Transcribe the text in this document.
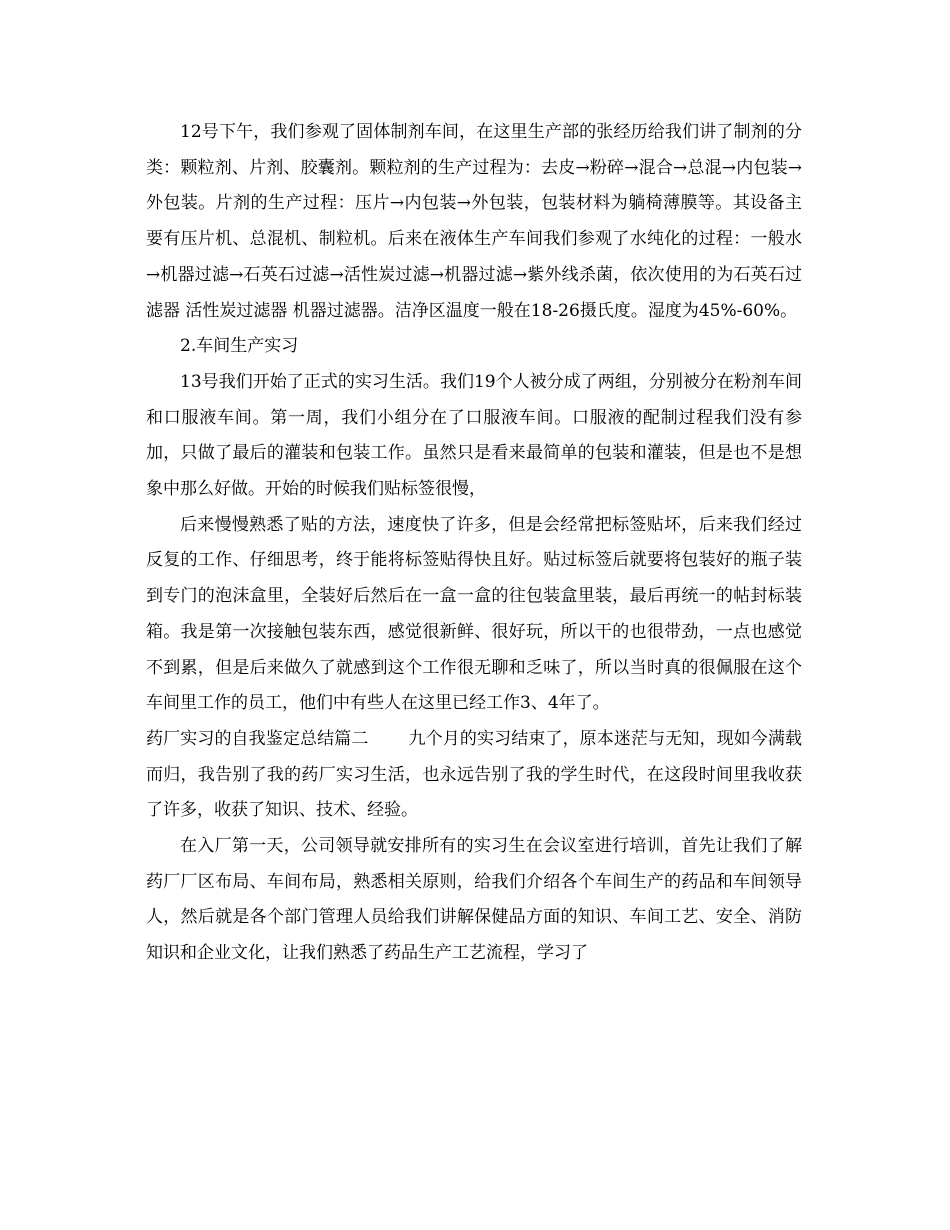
12号下午，我们参观了固体制剂车间，在这里生产部的张经历给我们讲了制剂的分类：颗粒剂、片剂、胶囊剂。颗粒剂的生产过程为：去皮→粉碎→混合→总混→内包装→外包装。片剂的生产过程：压片→内包装→外包装，包装材料为躺椅薄膜等。其设备主要有压片机、总混机、制粒机。后来在液体生产车间我们参观了水纯化的过程：一般水→机器过滤→石英石过滤→活性炭过滤→机器过滤→紫外线杀菌，依次使用的为石英石过滤器 活性炭过滤器 机器过滤器。洁净区温度一般在18-26摄氏度。湿度为45%-60%。

2.车间生产实习

13号我们开始了正式的实习生活。我们19个人被分成了两组，分别被分在粉剂车间和口服液车间。第一周，我们小组分在了口服液车间。口服液的配制过程我们没有参加，只做了最后的灌装和包装工作。虽然只是看来最简单的包装和灌装，但是也不是想象中那么好做。开始的时候我们贴标签很慢，

后来慢慢熟悉了贴的方法，速度快了许多，但是会经常把标签贴坏，后来我们经过反复的工作、仔细思考，终于能将标签贴得快且好。贴过标签后就要将包装好的瓶子装到专门的泡沫盒里，全装好后然后在一盒一盒的往包装盒里装，最后再统一的帖封标装箱。我是第一次接触包装东西，感觉很新鲜、很好玩，所以干的也很带劲，一点也感觉不到累，但是后来做久了就感到这个工作很无聊和乏味了，所以当时真的很佩服在这个车间里工作的员工，他们中有些人在这里已经工作3、4年了。

药厂实习的自我鉴定总结篇二 九个月的实习结束了，原本迷茫与无知，现如今满载而归，我告别了我的药厂实习生活，也永远告别了我的学生时代，在这段时间里我收获了许多，收获了知识、技术、经验。

在入厂第一天，公司领导就安排所有的实习生在会议室进行培训，首先让我们了解药厂厂区布局、车间布局，熟悉相关原则，给我们介绍各个车间生产的药品和车间领导人，然后就是各个部门管理人员给我们讲解保健品方面的知识、车间工艺、安全、消防知识和企业文化，让我们熟悉了药品生产工艺流程，学习了
